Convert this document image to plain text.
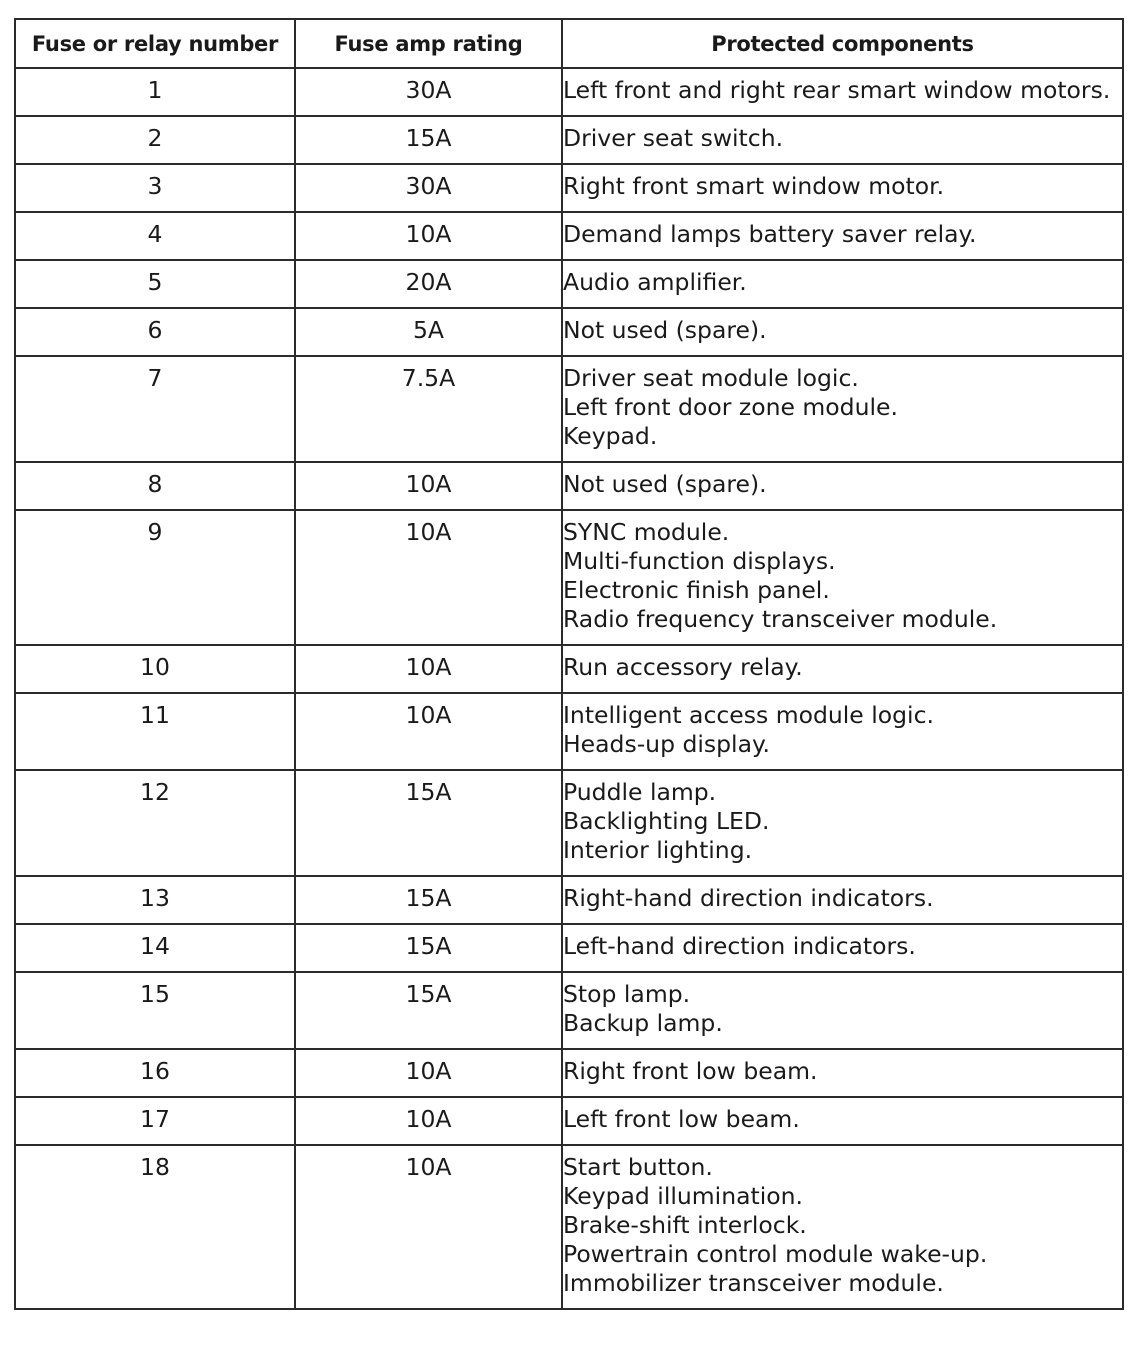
Fuse or relay number	Fuse amp rating	Protected components
1	30A	Left front and right rear smart window motors.

2	15A	Driver seat switch.

3	30A	Right front smart window motor.

4	10A	Demand lamps battery saver relay.

5	20A	Audio amplifier.

6	5A	Not used (spare).

7	7.5A	Driver seat module logic.
Left front door zone module.
Keypad.

8	10A	Not used (spare).

9	10A	SYNC module.
Multi-function displays.
Electronic finish panel.
Radio frequency transceiver module.

10	10A	Run accessory relay.

11	10A	Intelligent access module logic.
Heads-up display.

12	15A	Puddle lamp.
Backlighting LED.
Interior lighting.

13	15A	Right-hand direction indicators.

14	15A	Left-hand direction indicators.

15	15A	Stop lamp.
Backup lamp.

16	10A	Right front low beam.

17	10A	Left front low beam.

18	10A	Start button.
Keypad illumination.
Brake-shift interlock.
Powertrain control module wake-up.
Immobilizer transceiver module.
